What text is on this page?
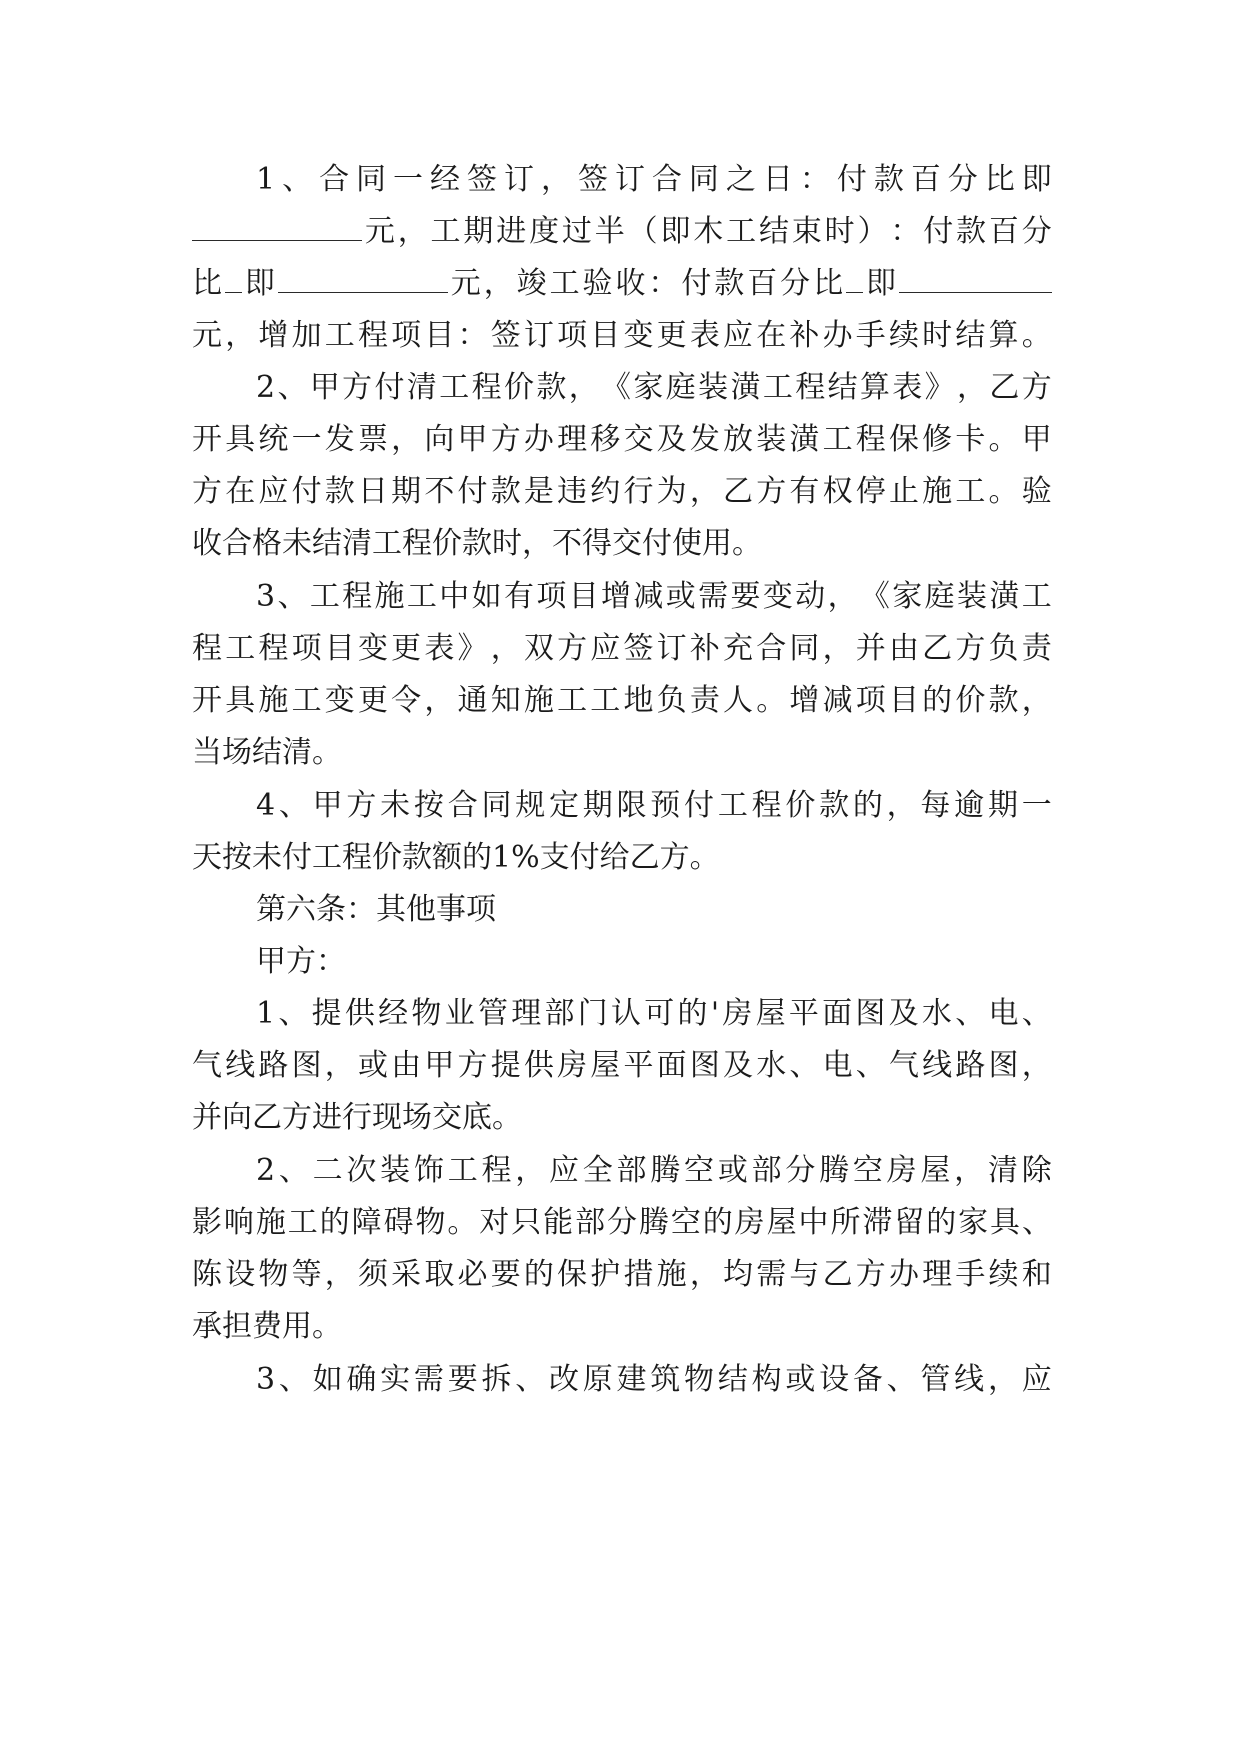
1 、 合 同 一 经 签 订 ， 签 订 合 同 之 日 ： 付 款 百 分 比 即
元 ， 工 期 进 度 过 半 （ 即 木 工 结 束 时 ） ： 付 款 百 分
比 即	元 ， 竣 工 验 收 ： 付 款 百 分 比 即
元 ， 增 加 工 程 项 目 ： 签 订 项 目 变 更 表 应 在 补 办 手 续 时 结 算 。
2 、 甲 方 付 清 工 程 价 款 ， 《 家 庭 装 潢 工 程 结 算 表 》 ， 乙 方
开 具 统 一 发 票 ， 向 甲 方 办 理 移 交 及 发 放 装 潢 工 程 保 修 卡 。 甲
方 在 应 付 款 日 期 不 付 款 是 违 约 行 为 ， 乙 方 有 权 停 止 施 工 。 验
收合格未结清工程价款时，不得交付使用。
3 、 工 程 施 工 中 如 有 项 目 增 减 或 需 要 变 动 ， 《 家 庭 装 潢 工
程 工 程 项 目 变 更 表 》 ， 双 方 应 签 订 补 充 合 同 ， 并 由 乙 方 负 责
开 具 施 工 变 更 令 ， 通 知 施 工 工 地 负 责 人 。 增 减 项 目 的 价 款 ，
当场结清。
4 、 甲 方 未 按 合 同 规 定 期 限 预 付 工 程 价 款 的 ， 每 逾 期 一
天按未付工程价款额的1%支付给乙方。
第六条：其他事项
甲方：
1 、 提 供 经 物 业 管 理 部 门 认 可 的 ' 房 屋 平 面 图 及 水 、 电 、
气 线 路 图 ， 或 由 甲 方 提 供 房 屋 平 面 图 及 水 、 电 、 气 线 路 图 ，
并向乙方进行现场交底。
2 、 二 次 装 饰 工 程 ， 应 全 部 腾 空 或 部 分 腾 空 房 屋 ， 清 除
影 响 施 工 的 障 碍 物 。 对 只 能 部 分 腾 空 的 房 屋 中 所 滞 留 的 家 具 、
陈 设 物 等 ， 须 采 取 必 要 的 保 护 措 施 ， 均 需 与 乙 方 办 理 手 续 和
承担费用。
3 、 如 确 实 需 要 拆 、 改 原 建 筑 物 结 构 或 设 备 、 管 线 ， 应
